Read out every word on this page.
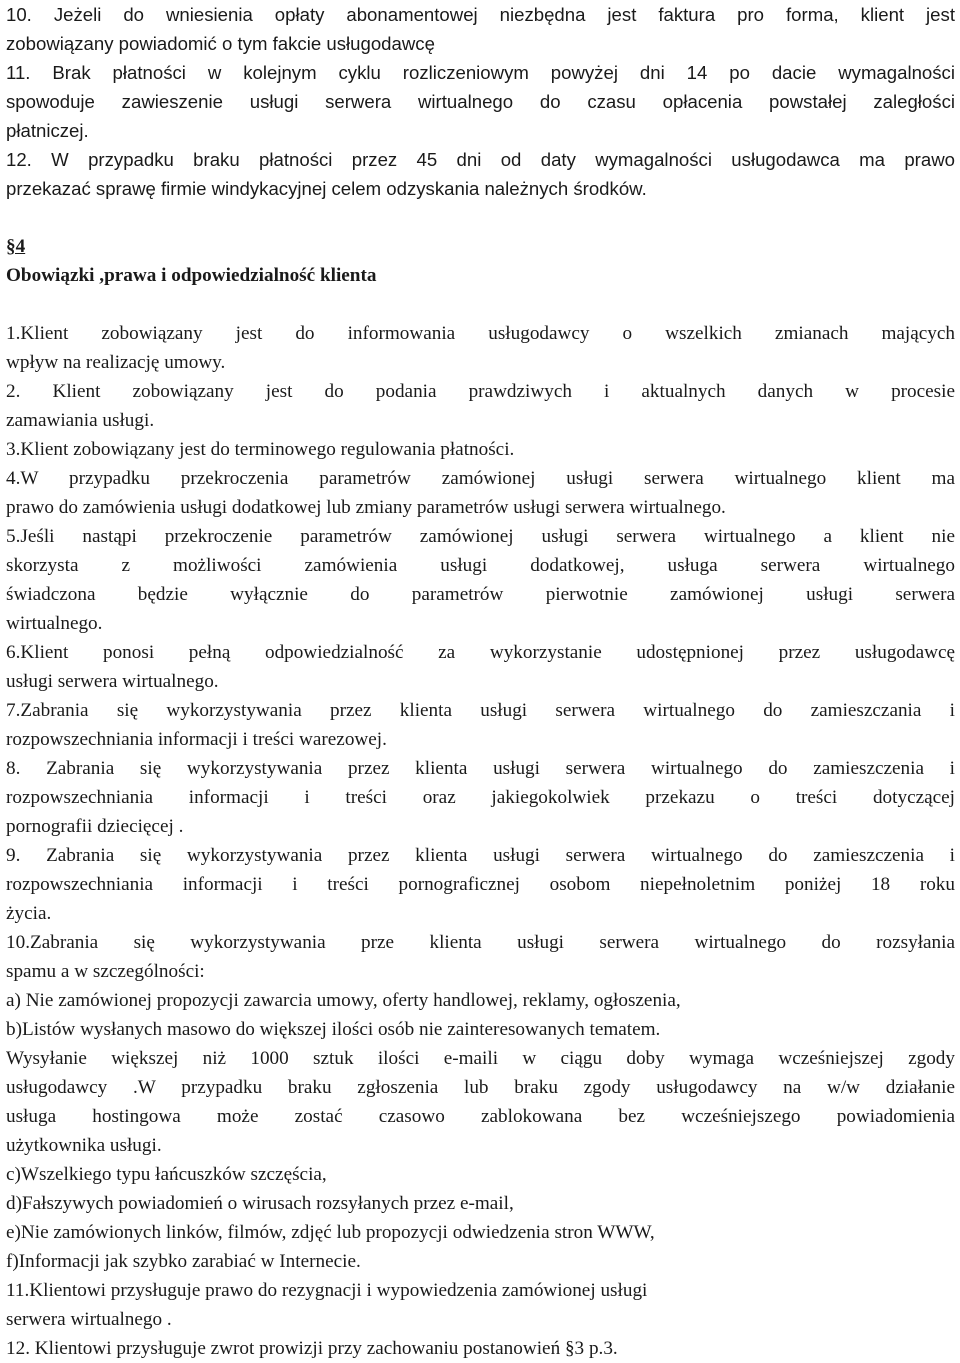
10. Jeżeli do wniesienia opłaty abonamentowej niezbędna jest faktura pro forma, klient jest
zobowiązany powiadomić o tym fakcie usługodawcę
11. Brak płatności w kolejnym cyklu rozliczeniowym powyżej dni 14 po dacie wymagalności
spowoduje zawieszenie usługi serwera wirtualnego do czasu opłacenia powstałej zaległości
płatniczej.
12. W przypadku braku płatności przez 45 dni od daty wymagalności usługodawca ma prawo
przekazać sprawę firmie windykacyjnej celem odzyskania należnych środków.
§4
Obowiązki ,prawa i odpowiedzialność klienta
1.Klient zobowiązany jest do informowania usługodawcy o wszelkich zmianach mających
wpływ na realizację umowy.
2. Klient zobowiązany jest do podania prawdziwych i aktualnych danych w procesie
zamawiania usługi.
3.Klient zobowiązany jest do terminowego regulowania płatności.
4.W przypadku przekroczenia parametrów zamówionej usługi serwera wirtualnego klient ma
prawo do zamówienia usługi dodatkowej lub zmiany parametrów usługi serwera wirtualnego.
5.Jeśli nastąpi przekroczenie parametrów zamówionej usługi serwera wirtualnego a klient nie
skorzysta z możliwości zamówienia usługi dodatkowej, usługa serwera wirtualnego
świadczona będzie wyłącznie do parametrów pierwotnie zamówionej usługi serwera
wirtualnego.
6.Klient ponosi pełną odpowiedzialność za wykorzystanie udostępnionej przez usługodawcę
usługi serwera wirtualnego.
7.Zabrania się wykorzystywania przez klienta usługi serwera wirtualnego do zamieszczania i
rozpowszechniania informacji i treści warezowej.
8. Zabrania się wykorzystywania przez klienta usługi serwera wirtualnego do zamieszczenia i
rozpowszechniania informacji i treści oraz jakiegokolwiek przekazu o treści dotyczącej
pornografii dziecięcej .
9. Zabrania się wykorzystywania przez klienta usługi serwera wirtualnego do zamieszczenia i
rozpowszechniania informacji i treści pornograficznej osobom niepełnoletnim poniżej 18 roku
życia.
10.Zabrania się wykorzystywania prze klienta usługi serwera wirtualnego do rozsyłania
spamu a w szczególności:
a) Nie zamówionej propozycji zawarcia umowy, oferty handlowej, reklamy, ogłoszenia,
b)Listów wysłanych masowo do większej ilości osób nie zainteresowanych tematem.
Wysyłanie większej niż 1000 sztuk ilości e-maili w ciągu doby wymaga wcześniejszej zgody
usługodawcy .W przypadku braku zgłoszenia lub braku zgody usługodawcy na w/w działanie
usługa hostingowa może zostać czasowo zablokowana bez wcześniejszego powiadomienia
użytkownika usługi.
c)Wszelkiego typu łańcuszków szczęścia,
d)Fałszywych powiadomień o wirusach rozsyłanych przez e-mail,
e)Nie zamówionych linków, filmów, zdjęć lub propozycji odwiedzenia stron WWW,
f)Informacji jak szybko zarabiać w Internecie.
11.Klientowi przysługuje prawo do rezygnacji i wypowiedzenia zamówionej usługi
serwera wirtualnego .
12. Klientowi przysługuje zwrot prowizji przy zachowaniu postanowień §3 p.3.
